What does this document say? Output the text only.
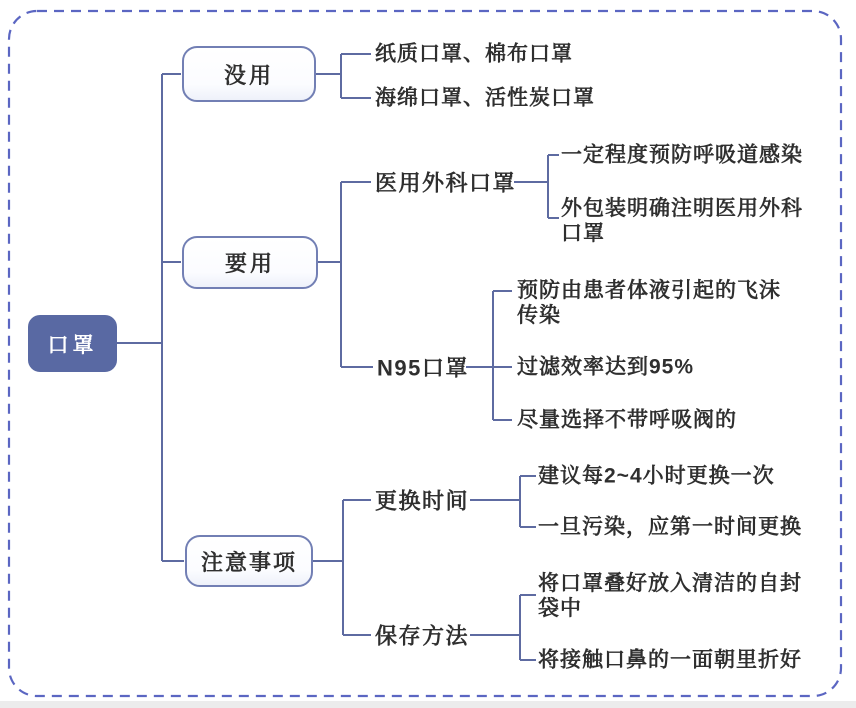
口罩
没用
要用
注意事项
纸质口罩、棉布口罩
海绵口罩、活性炭口罩
医用外科口罩
一定程度预防呼吸道感染
外包装明确注明医用外科口罩
N95口罩
预防由患者体液引起的飞沫传染
过滤效率达到95%
尽量选择不带呼吸阀的
更换时间
建议每2~4小时更换一次
一旦污染，应第一时间更换
保存方法
将口罩叠好放入清洁的自封袋中
将接触口鼻的一面朝里折好
